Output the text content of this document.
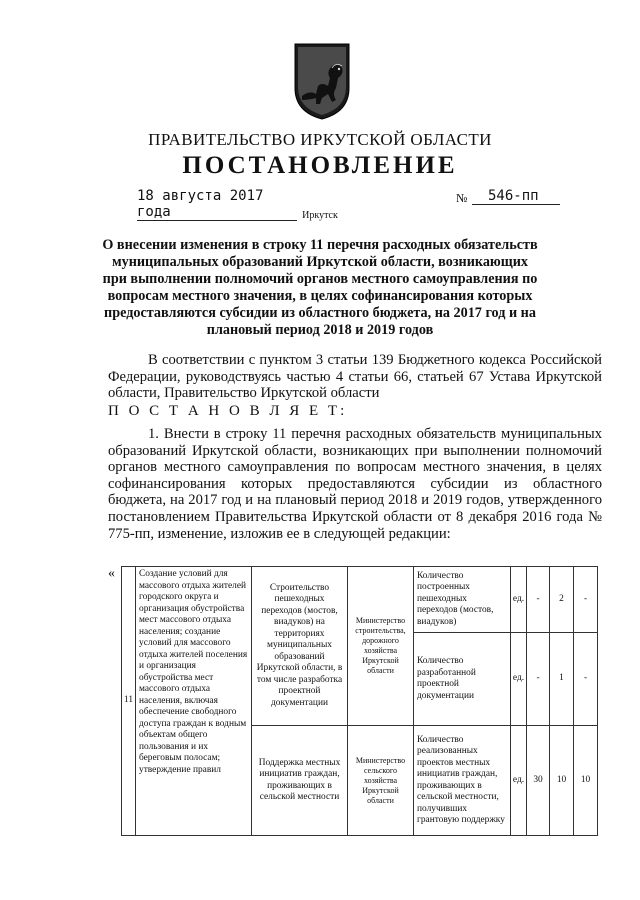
ПРАВИТЕЛЬСТВО ИРКУТСКОЙ ОБЛАСТИ
ПОСТАНОВЛЕНИЕ
18 августа 2017 года
№	546-пп
Иркутск
О внесении изменения в строку 11 перечня расходных обязательств муниципальных образований Иркутской области, возникающих при выполнении полномочий органов местного самоуправления по вопросам местного значения, в целях софинансирования которых предоставляются субсидии из областного бюджета, на 2017 год и на плановый период 2018 и 2019 годов
В соответствии с пунктом 3 статьи 139 Бюджетного кодекса Российской Федерации, руководствуясь частью 4 статьи 66, статьей 67 Устава Иркутской области, Правительство Иркутской области
П О С Т А Н О В Л Я Е Т:
1. Внести в строку 11 перечня расходных обязательств муниципальных образований Иркутской области, возникающих при выполнении полномочий органов местного самоуправления по вопросам местного значения, в целях софинансирования которых предоставляются субсидии из областного бюджета, на 2017 год и на плановый период 2018 и 2019 годов, утвержденного постановлением Правительства Иркутской области от 8 декабря 2016 года № 775-пп, изменение, изложив ее в следующей редакции:
«
11	Создание условий для массового отдыха жителей городского округа и организация обустройства мест массового отдыха населения; создание условий для массового отдыха жителей поселения и организация обустройства мест массового отдыха населения, включая обеспечение свободного доступа граждан к водным объектам общего пользования и их береговым полосам; утверждение правил	Строительство пешеходных переходов (мостов, виадуков) на территориях муниципальных образований Иркутской области, в том числе разработка проектной документации	Министерство строительства, дорожного хозяйства Иркутской области	Количество построенных пешеходных переходов (мостов, виадуков)	ед.	-	2	-
				Количество разработанной проектной документации	ед.	-	1	-
		Поддержка местных инициатив граждан, проживающих в сельской местности	Министерство сельского хозяйства Иркутской области	Количество реализованных проектов местных инициатив граждан, проживающих в сельской местности, получивших грантовую поддержку	ед.	30	10	10
